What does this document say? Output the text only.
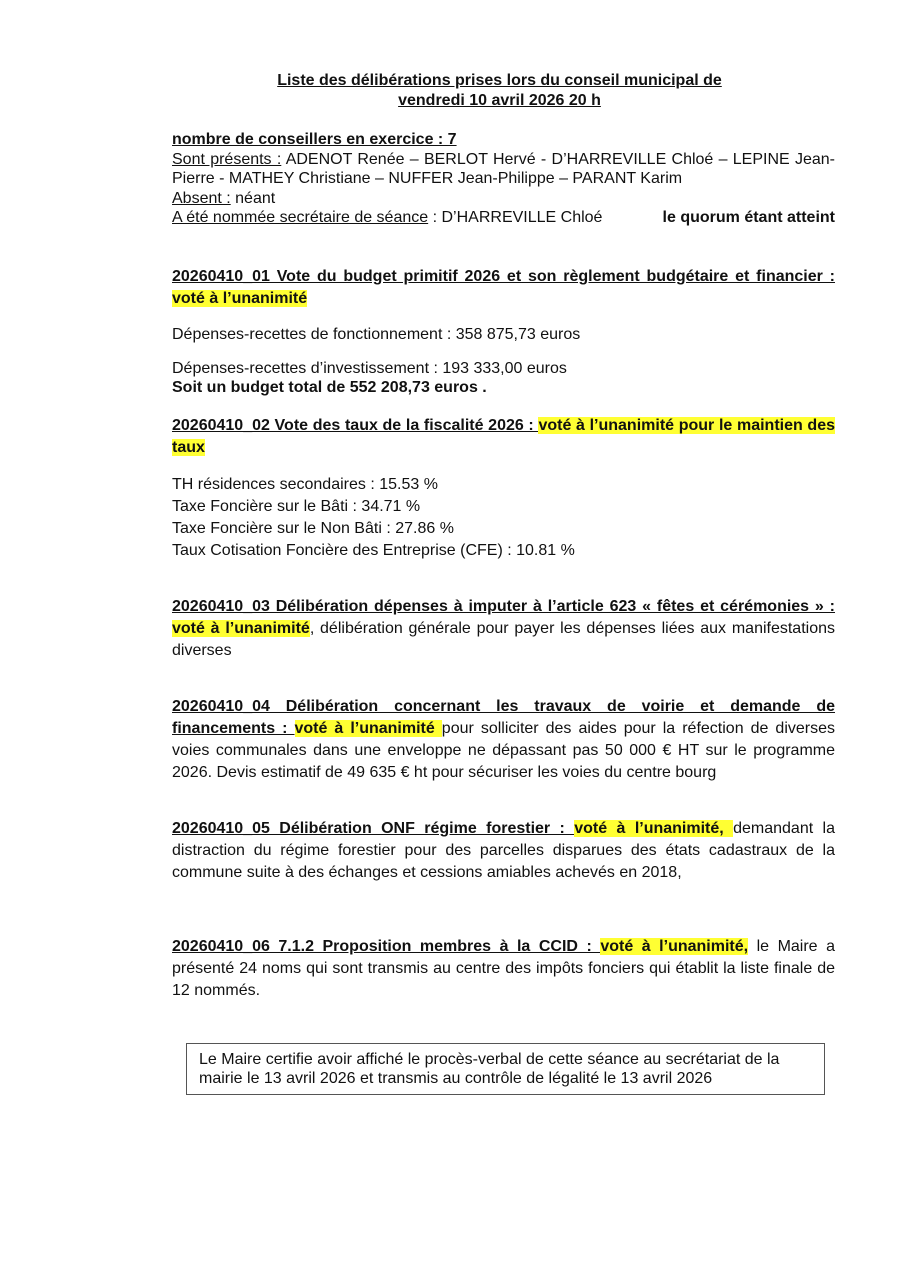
Liste des délibérations prises lors du conseil municipal de
vendredi 10 avril 2026 20 h

nombre de conseillers en exercice : 7

Sont présents : ADENOT Renée – BERLOT Hervé - D’HARREVILLE Chloé – LEPINE Jean-Pierre - MATHEY Christiane – NUFFER Jean-Philippe – PARANT Karim

Absent : néant

A été nommée secrétaire de séance : D’HARREVILLE Chloé	le quorum étant atteint

20260410_01 Vote du budget primitif 2026 et son règlement budgétaire et financier : voté à l’unanimité

Dépenses-recettes de fonctionnement : 358 875,73 euros

Dépenses-recettes d’investissement : 193 333,00 euros

Soit un budget total de 552 208,73 euros .

20260410_02 Vote des taux de la fiscalité 2026 : voté à l’unanimité pour le maintien des taux

TH résidences secondaires : 15.53 %

Taxe Foncière sur le Bâti : 34.71 %

Taxe Foncière sur le Non Bâti : 27.86 %

Taux Cotisation Foncière des Entreprise (CFE) : 10.81 %

20260410_03 Délibération dépenses à imputer à l’article 623 « fêtes et cérémonies » : voté à l’unanimité, délibération générale pour payer les dépenses liées aux manifestations diverses

20260410_04 Délibération concernant les travaux de voirie et demande de financements : voté à l’unanimité pour solliciter des aides pour la réfection de diverses voies communales dans une enveloppe ne dépassant pas 50 000 € HT sur le programme 2026. Devis estimatif de 49 635 € ht pour sécuriser les voies du centre bourg

20260410_05 Délibération ONF régime forestier : voté à l’unanimité, demandant la distraction du régime forestier pour des parcelles disparues des états cadastraux de la commune suite à des échanges et cessions amiables achevés en 2018,

20260410_06 7.1.2 Proposition membres à la CCID : voté à l’unanimité, le Maire a présenté 24 noms qui sont transmis au centre des impôts fonciers qui établit la liste finale de 12 nommés.

Le Maire certifie avoir affiché le procès-verbal de cette séance au secrétariat de la mairie le 13 avril 2026 et transmis au contrôle de légalité le 13 avril 2026
